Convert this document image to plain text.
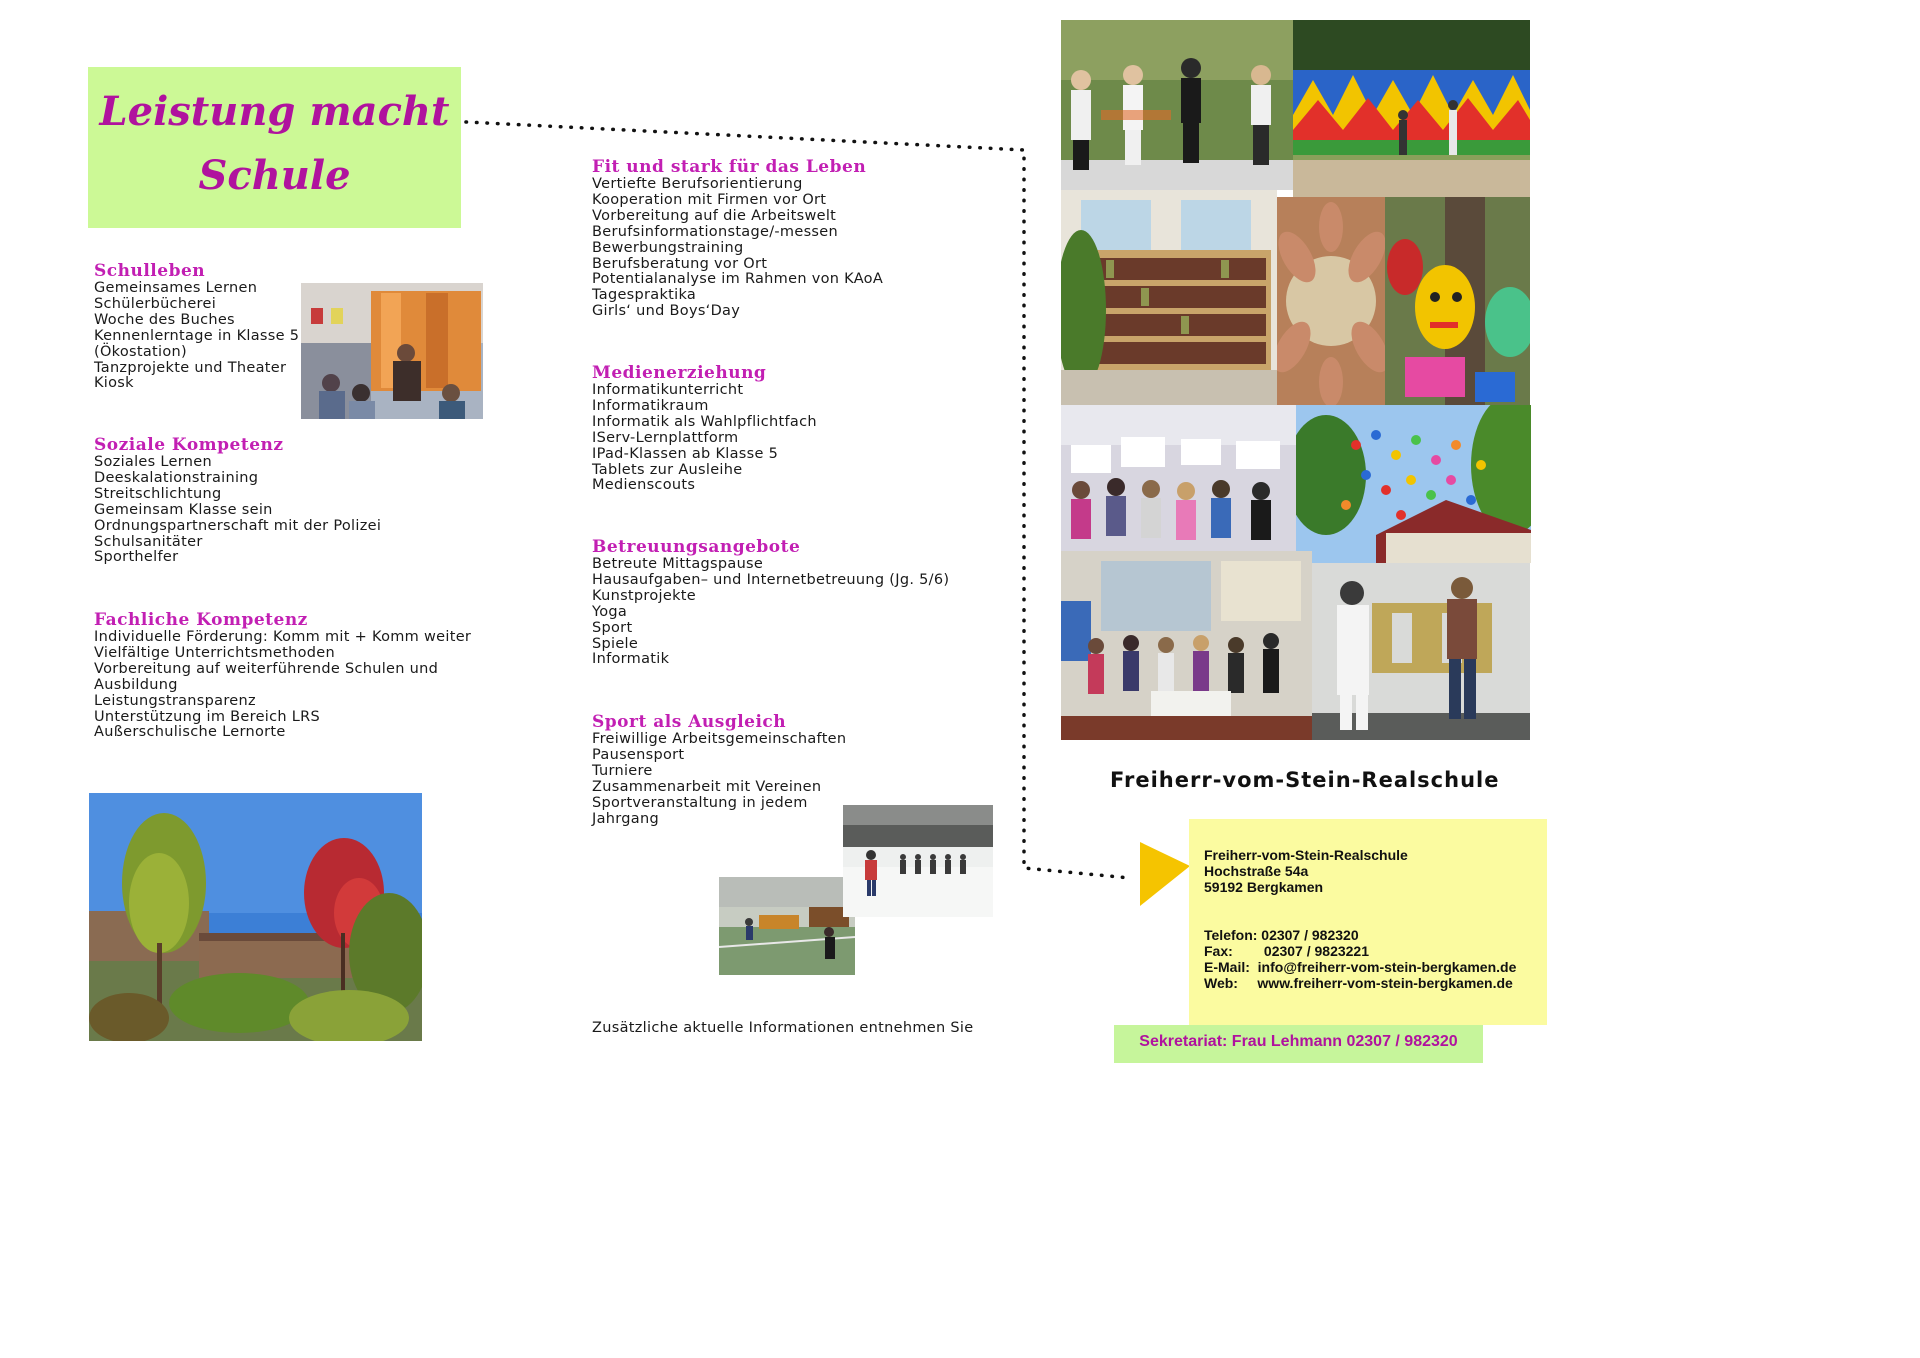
Leistung macht
Schule
Schulleben
Gemeinsames Lernen
Schülerbücherei
Woche des Buches
Kennenlerntage in Klasse 5
(Ökostation)
Tanzprojekte und Theater
Kiosk
Soziale Kompetenz
Soziales Lernen
Deeskalationstraining
Streitschlichtung
Gemeinsam Klasse sein
Ordnungspartnerschaft mit der Polizei
Schulsanitäter
Sporthelfer
Fachliche Kompetenz
Individuelle Förderung: Komm mit + Komm weiter
Vielfältige Unterrichtsmethoden
Vorbereitung auf weiterführende Schulen und
Ausbildung
Leistungstransparenz
Unterstützung im Bereich LRS
Außerschulische Lernorte
Fit und stark für das Leben
Vertiefte Berufsorientierung
Kooperation mit Firmen vor Ort
Vorbereitung auf die Arbeitswelt
Berufsinformationstage/-messen
Bewerbungstraining
Berufsberatung vor Ort
Potentialanalyse im Rahmen von KAoA
Tagespraktika
Girls‘ und Boys‘Day
Medienerziehung
Informatikunterricht
Informatikraum
Informatik als Wahlpflichtfach
IServ-Lernplattform
IPad-Klassen ab Klasse 5
Tablets zur Ausleihe
Medienscouts
Betreuungsangebote
Betreute Mittagspause
Hausaufgaben– und Internetbetreuung (Jg. 5/6)
Kunstprojekte
Yoga
Sport
Spiele
Informatik
Sport als Ausgleich
Freiwillige Arbeitsgemeinschaften
Pausensport
Turniere
Zusammenarbeit mit Vereinen
Sportveranstaltung in jedem
Jahrgang
Zusätzliche aktuelle Informationen entnehmen Sie
Freiherr-vom-Stein-Realschule
Freiherr-vom-Stein-Realschule
Hochstraße 54a
59192 Bergkamen
Telefon: 02307 / 982320
Fax:        02307 / 9823221
E-Mail:  info@freiherr-vom-stein-bergkamen.de
Web:     www.freiherr-vom-stein-bergkamen.de
Sekretariat: Frau Lehmann 02307 / 982320
